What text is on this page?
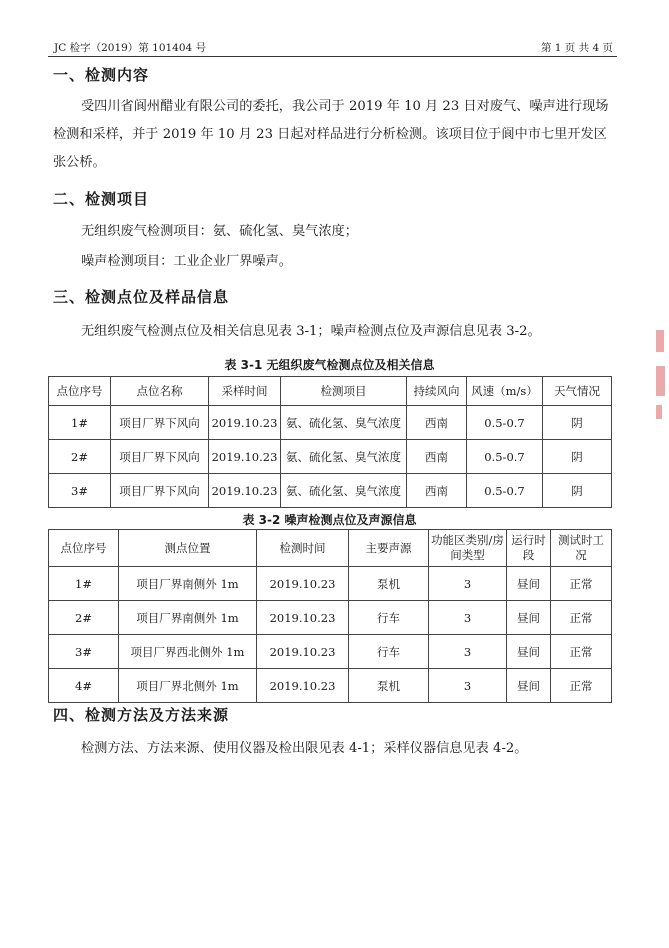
JC 检字（2019）第 101404 号	第 1 页 共 4 页
一、检测内容
受四川省阆州醋业有限公司的委托，我公司于 2019 年 10 月 23 日对废气、噪声进行现场检测和采样，并于 2019 年 10 月 23 日起对样品进行分析检测。该项目位于阆中市七里开发区张公桥。
二、检测项目
无组织废气检测项目：氨、硫化氢、臭气浓度；
噪声检测项目：工业企业厂界噪声。
三、检测点位及样品信息
无组织废气检测点位及相关信息见表 3-1；噪声检测点位及声源信息见表 3-2。
表 3-1 无组织废气检测点位及相关信息
点位序号	点位名称	采样时间	检测项目	持续风向	风速（m/s）	天气情况
1#	项目厂界下风向	2019.10.23	氨、硫化氢、臭气浓度	西南	0.5-0.7	阴
2#	项目厂界下风向	2019.10.23	氨、硫化氢、臭气浓度	西南	0.5-0.7	阴
3#	项目厂界下风向	2019.10.23	氨、硫化氢、臭气浓度	西南	0.5-0.7	阴
表 3-2 噪声检测点位及声源信息
点位序号	测点位置	检测时间	主要声源	功能区类别/房间类型	运行时段	测试时工况
1#	项目厂界南侧外 1m	2019.10.23	泵机	3	昼间	正常
2#	项目厂界南侧外 1m	2019.10.23	行车	3	昼间	正常
3#	项目厂界西北侧外 1m	2019.10.23	行车	3	昼间	正常
4#	项目厂界北侧外 1m	2019.10.23	泵机	3	昼间	正常
四、检测方法及方法来源
检测方法、方法来源、使用仪器及检出限见表 4-1；采样仪器信息见表 4-2。
